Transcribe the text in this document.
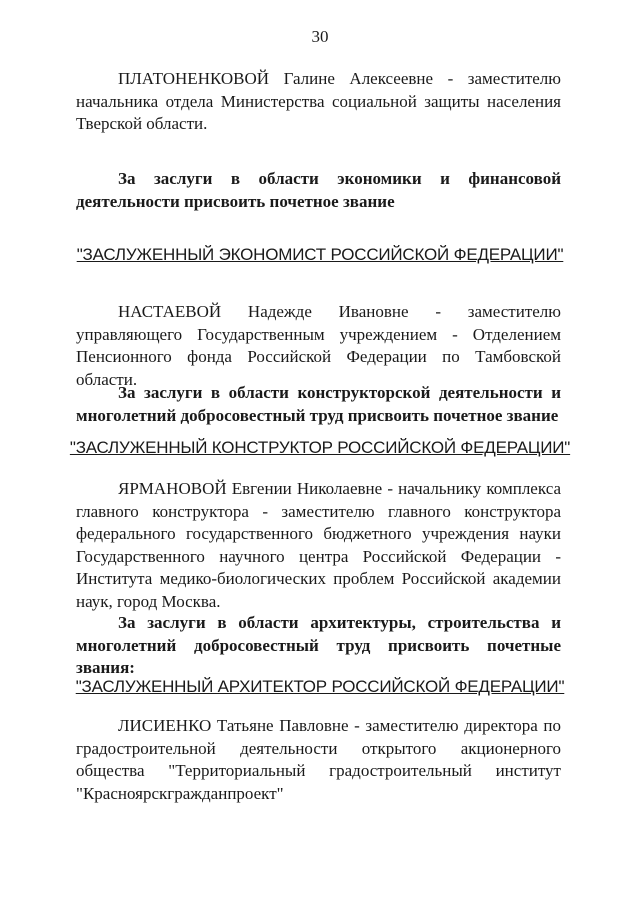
30

ПЛАТОНЕНКОВОЙ Галине Алексеевне - заместителю начальника отдела Министерства социальной защиты населения Тверской области.

За заслуги в области экономики и финансовой деятельности присвоить почетное звание

"ЗАСЛУЖЕННЫЙ ЭКОНОМИСТ РОССИЙСКОЙ ФЕДЕРАЦИИ"

НАСТАЕВОЙ Надежде Ивановне - заместителю управляющего Государственным учреждением - Отделением Пенсионного фонда Российской Федерации по Тамбовской области.

За заслуги в области конструкторской деятельности и многолетний добросовестный труд присвоить почетное звание

"ЗАСЛУЖЕННЫЙ КОНСТРУКТОР РОССИЙСКОЙ ФЕДЕРАЦИИ"

ЯРМАНОВОЙ Евгении Николаевне - начальнику комплекса главного конструктора - заместителю главного конструктора федерального государственного бюджетного учреждения науки Государственного научного центра Российской Федерации - Института медико-биологических проблем Российской академии наук, город Москва.

За заслуги в области архитектуры, строительства и многолетний добросовестный труд присвоить почетные звания:

"ЗАСЛУЖЕННЫЙ АРХИТЕКТОР РОССИЙСКОЙ ФЕДЕРАЦИИ"

ЛИСИЕНКО Татьяне Павловне - заместителю директора по градостроительной деятельности открытого акционерного общества "Территориальный градостроительный институт "Красноярскгражданпроект"
